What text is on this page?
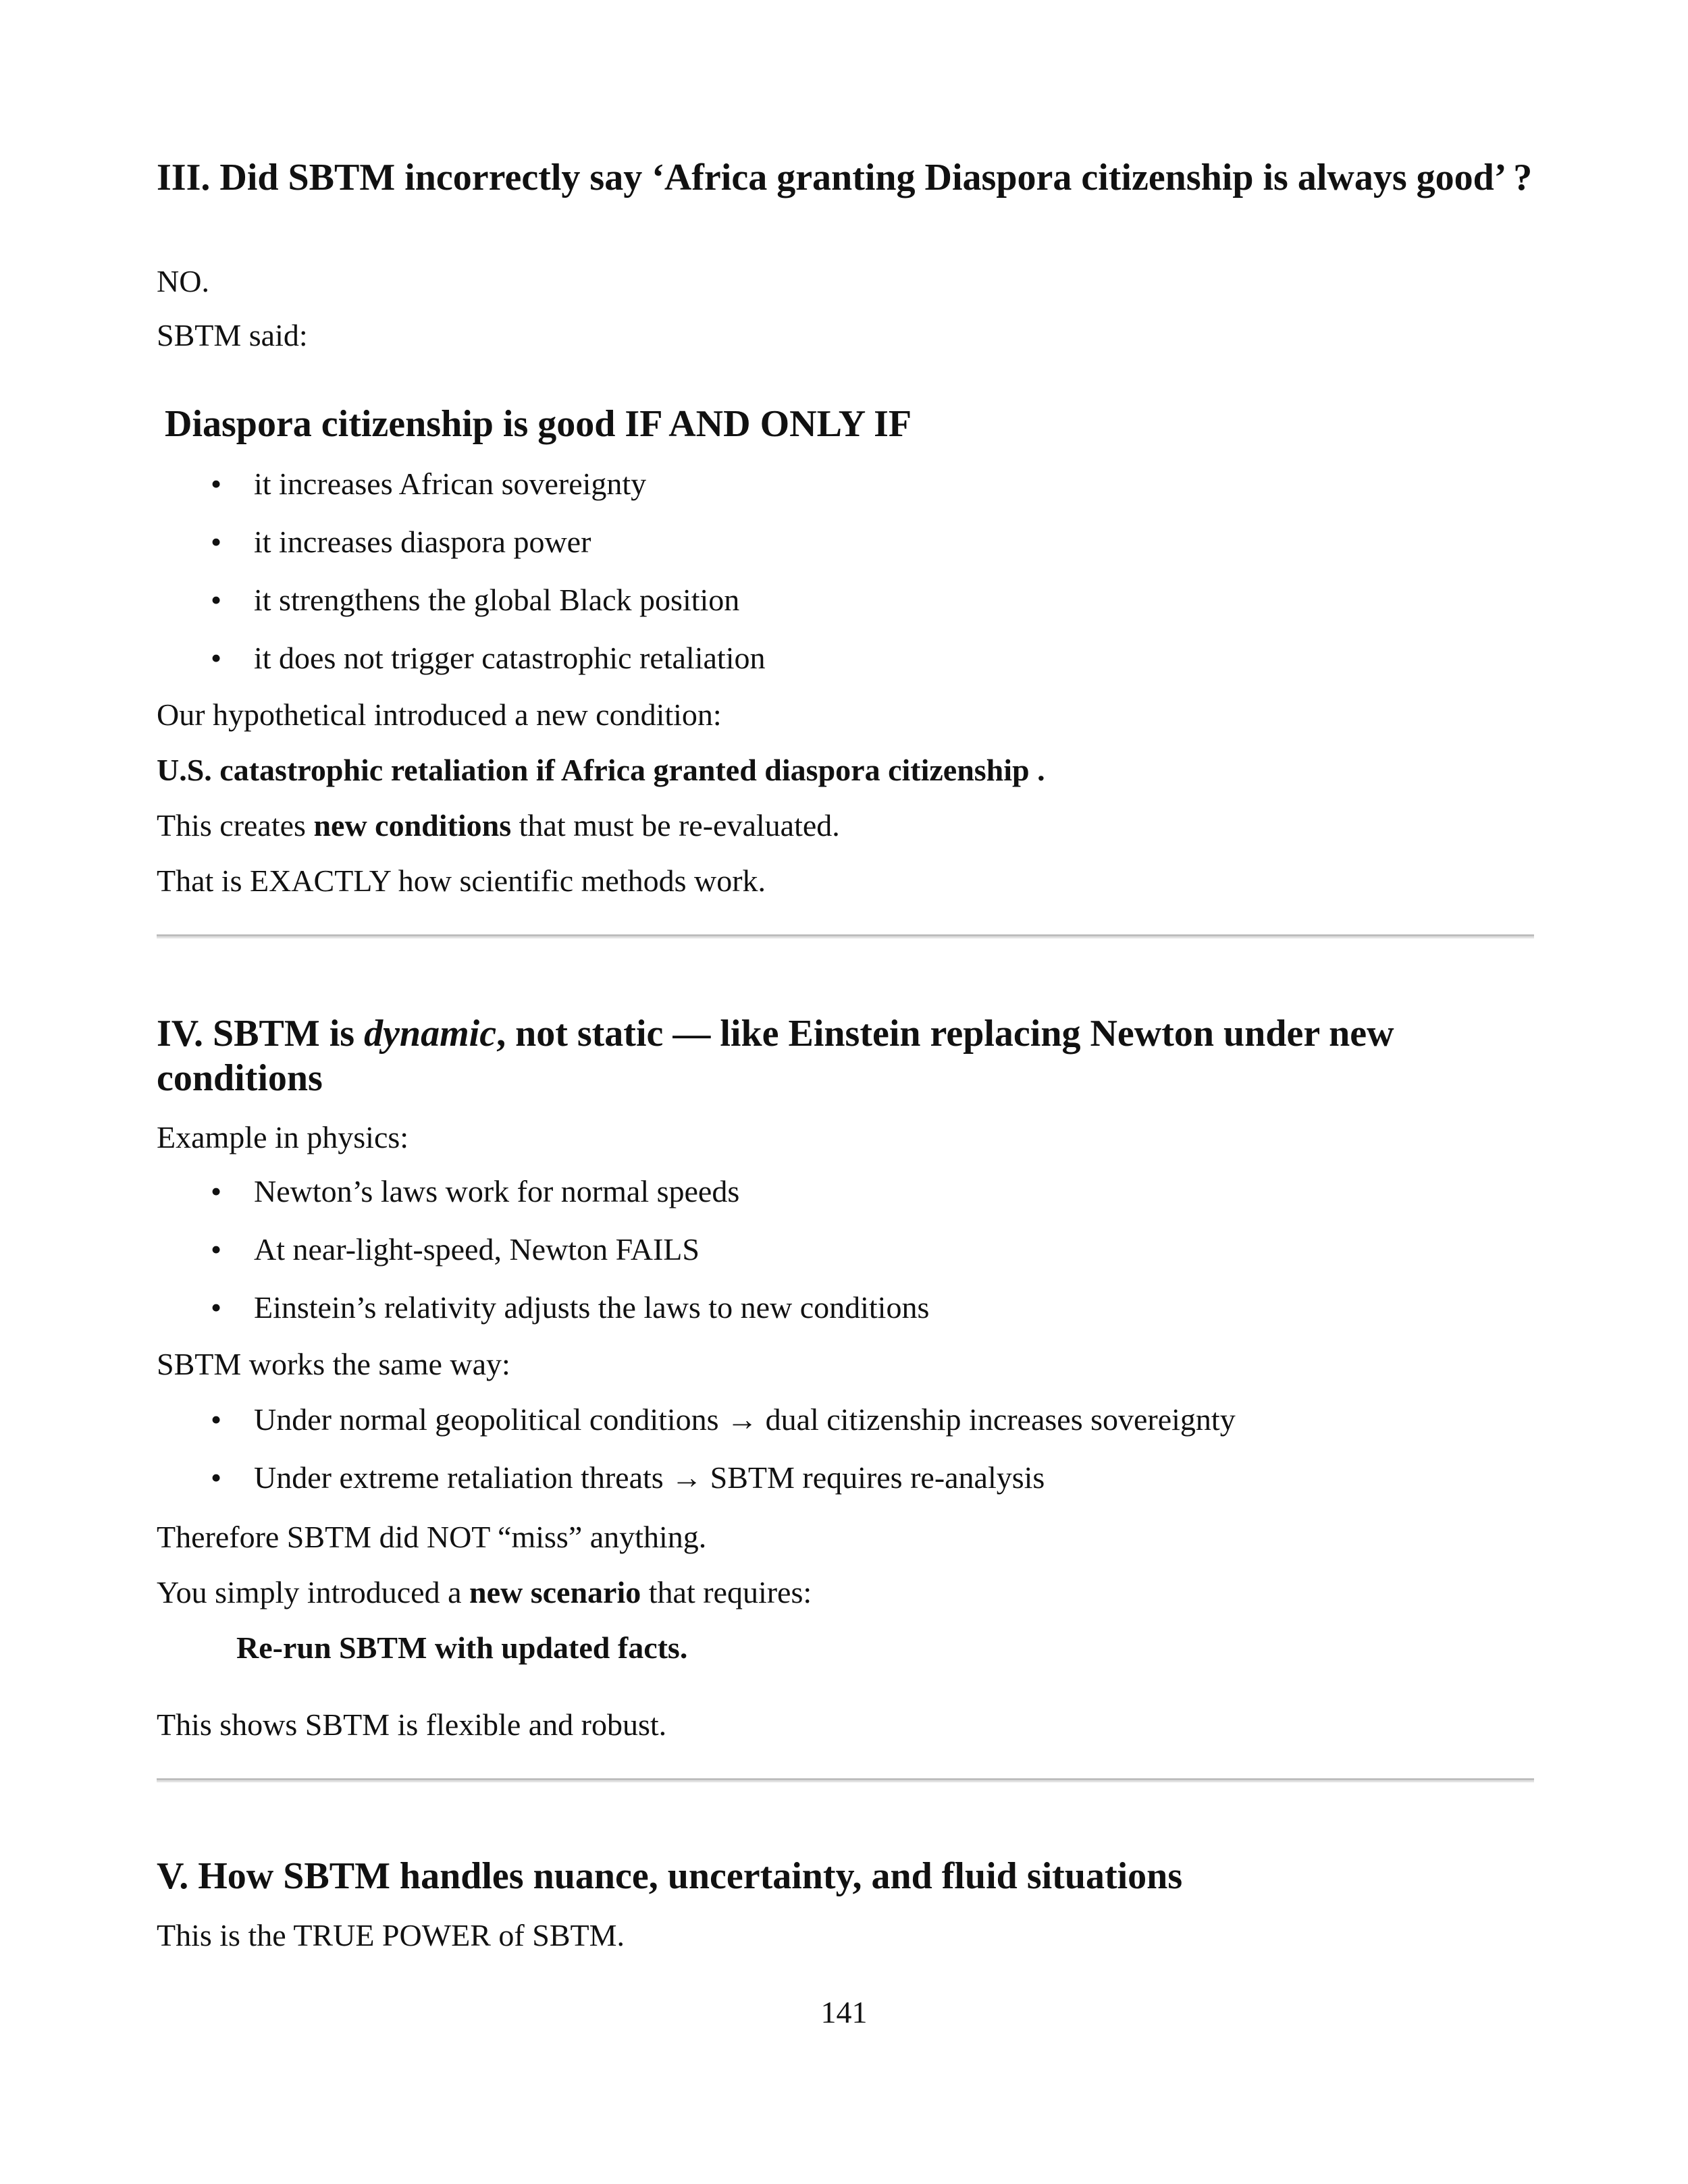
III. Did SBTM incorrectly say ‘Africa granting Diaspora citizenship is always good’ ?
NO.
SBTM said:
Diaspora citizenship is good IF AND ONLY IF
• it increases African sovereignty
• it increases diaspora power
• it strengthens the global Black position
• it does not trigger catastrophic retaliation
Our hypothetical introduced a new condition:
U.S. catastrophic retaliation if Africa granted diaspora citizenship .
This creates new conditions that must be re-evaluated.
That is EXACTLY how scientific methods work.
IV. SBTM is dynamic, not static — like Einstein replacing Newton under new conditions
Example in physics:
• Newton’s laws work for normal speeds
• At near-light-speed, Newton FAILS
• Einstein’s relativity adjusts the laws to new conditions
SBTM works the same way:
• Under normal geopolitical conditions → dual citizenship increases sovereignty
• Under extreme retaliation threats → SBTM requires re-analysis
Therefore SBTM did NOT “miss” anything.
You simply introduced a new scenario that requires:
Re-run SBTM with updated facts.
This shows SBTM is flexible and robust.
V. How SBTM handles nuance, uncertainty, and fluid situations
This is the TRUE POWER of SBTM.
141
